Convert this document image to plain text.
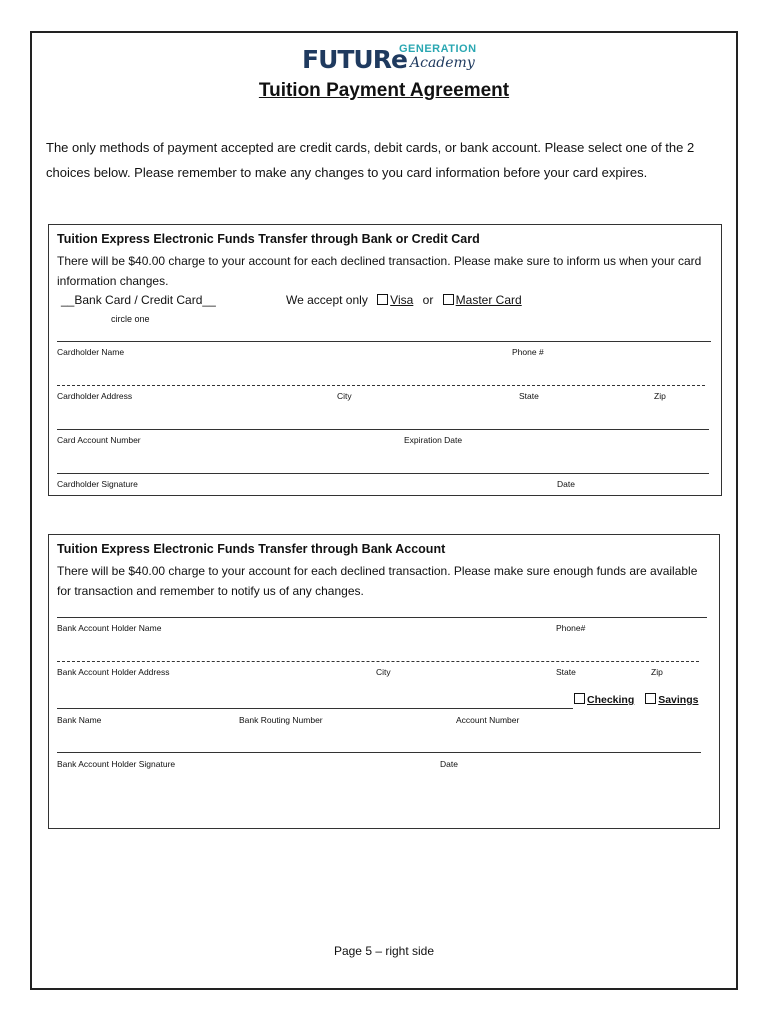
FUTURe
GENERATION
Academy
Tuition Payment Agreement
The only methods of payment accepted are credit cards, debit cards, or bank account. Please select one of the 2 choices below. Please remember to make any changes to you card information before your card expires.
Tuition Express Electronic Funds Transfer through Bank or Credit Card
There will be $40.00 charge to your account for each declined transaction. Please make sure to inform us when your card information changes.
__Bank Card / Credit Card__
circle one
We accept only Visa or Master Card
Cardholder Name	Phone #
Cardholder Address	City	State	Zip
Card Account Number	Expiration Date
Cardholder Signature	Date
Tuition Express Electronic Funds Transfer through Bank Account
There will be $40.00 charge to your account for each declined transaction. Please make sure enough funds are available for transaction and remember to notify us of any changes.
Bank Account Holder Name	Phone#
Bank Account Holder Address	City	State	Zip
Checking Savings
Bank Name	Bank Routing Number	Account Number
Bank Account Holder Signature	Date
Page 5 – right side
